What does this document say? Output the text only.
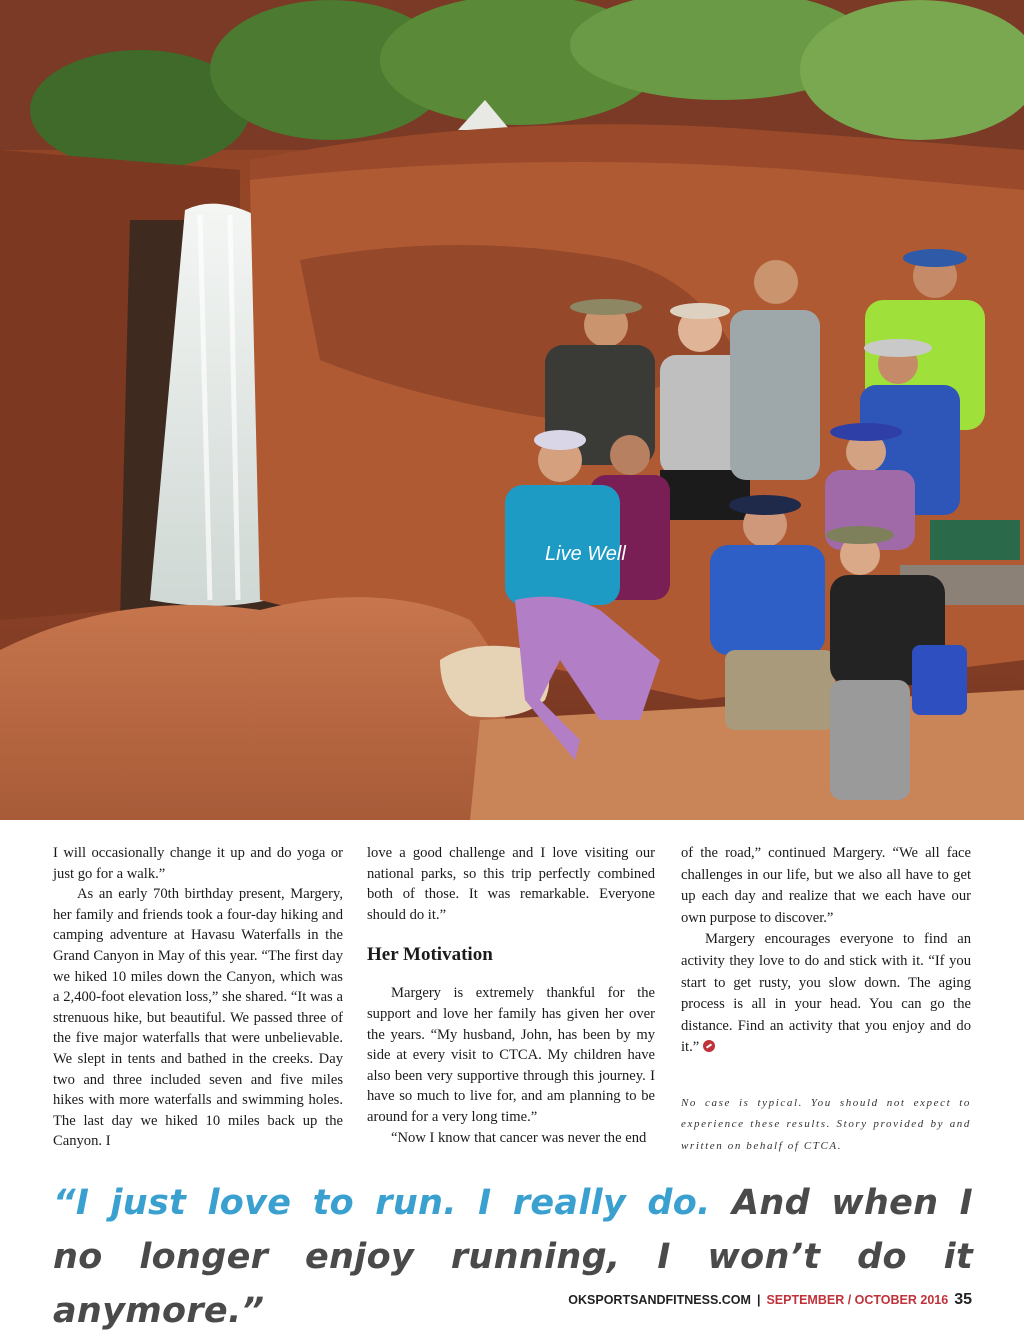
Live Well

I will occasionally change it up and do yoga or just go for a walk.”

As an early 70th birthday present, Margery, her family and friends took a four-day hiking and camping adventure at Havasu Waterfalls in the Grand Canyon in May of this year. “The first day we hiked 10 miles down the Canyon, which was a 2,400-foot elevation loss,” she shared. “It was a strenuous hike, but beautiful. We passed three of the five major waterfalls that were unbelievable. We slept in tents and bathed in the creeks. Day two and three included seven and five miles hikes with more waterfalls and swimming holes. The last day we hiked 10 miles back up the Canyon. I

love a good challenge and I love visiting our national parks, so this trip perfectly combined both of those. It was remarkable. Everyone should do it.”

Her Motivation

Margery is extremely thankful for the support and love her family has given her over the years. “My husband, John, has been by my side at every visit to CTCA. My children have also been very supportive through this journey. I have so much to live for, and am planning to be around for a very long time.”

“Now I know that cancer was never the end

of the road,” continued Margery. “We all face challenges in our life, but we also all have to get up each day and realize that we each have our own purpose to discover.”

Margery encourages everyone to find an activity they love to do and stick with it. “If you start to get rusty, you slow down. The aging process is all in your head. You can go the distance. Find an activity that you enjoy and do it.”

No case is typical. You should not expect to experience these results. Story provided by and written on behalf of CTCA.
“I just love to run. I really do. And when I no longer enjoy running, I won’t do it anymore.”	OKSPORTSANDFITNESS.COM | SEPTEMBER / OCTOBER 2016 35
